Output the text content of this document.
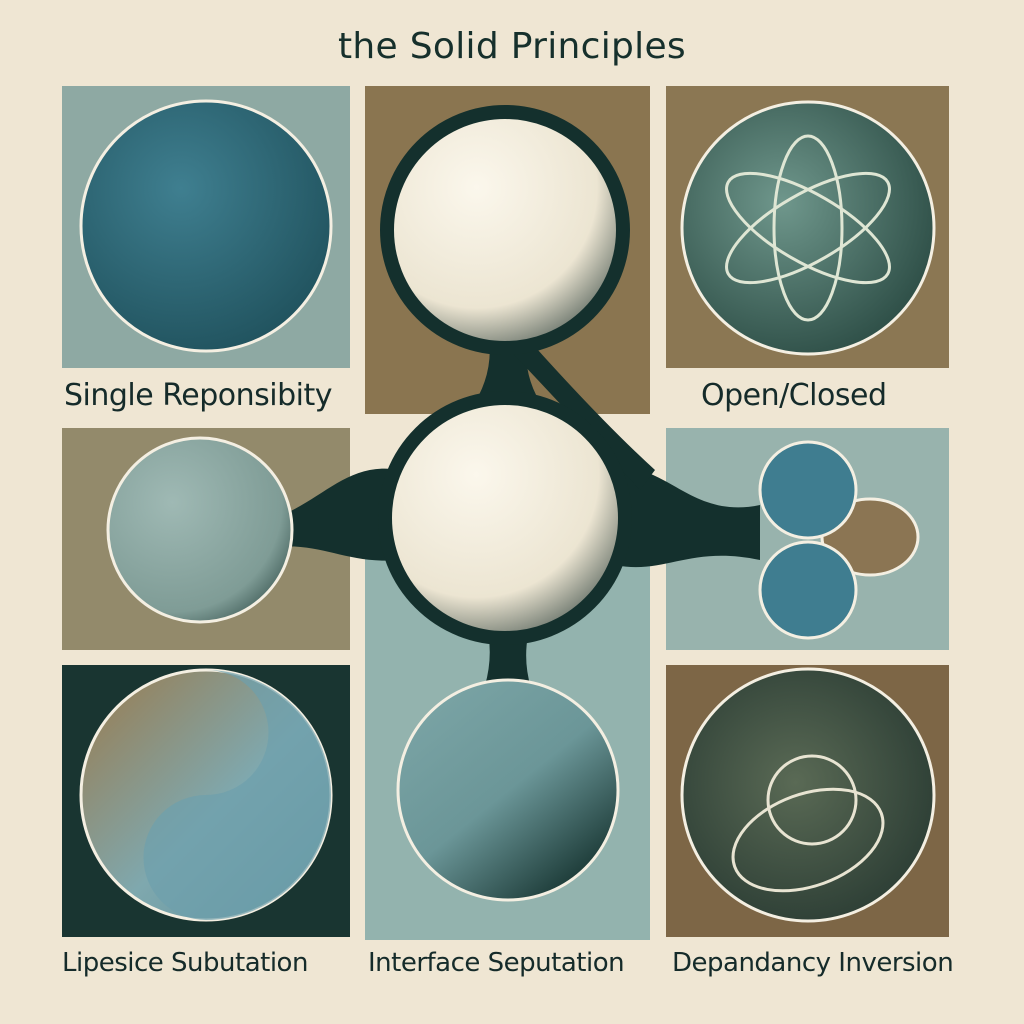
the Solid Principles
Single Reponsibity	Open/Closed
Lipesice Subutation Interface Seputation Depandancy Inversion
